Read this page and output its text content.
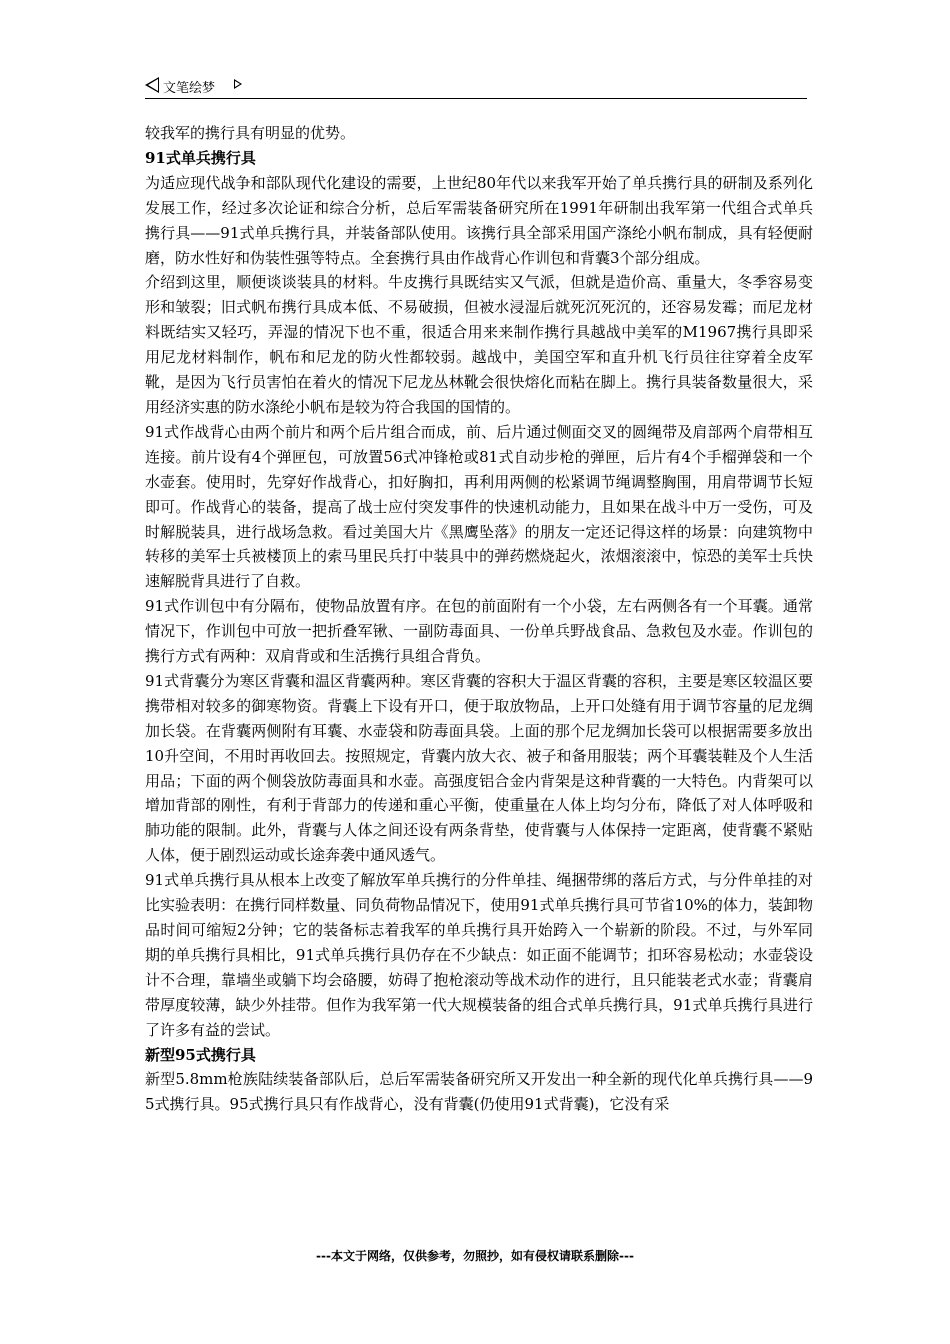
文笔绘梦

较我军的携行具有明显的优势。

91式单兵携行具

为适应现代战争和部队现代化建设的需要，上世纪80年代以来我军开始了单兵携行具的研制及系列化发展工作，经过多次论证和综合分析，总后军需装备研究所在1991年研制出我军第一代组合式单兵携行具——91式单兵携行具，并装备部队使用。该携行具全部采用国产涤纶小帆布制成，具有轻便耐磨，防水性好和伪装性强等特点。全套携行具由作战背心作训包和背囊3个部分组成。

介绍到这里，顺便谈谈装具的材料。牛皮携行具既结实又气派，但就是造价高、重量大，冬季容易变形和皱裂；旧式帆布携行具成本低、不易破损，但被水浸湿后就死沉死沉的，还容易发霉；而尼龙材料既结实又轻巧，弄湿的情况下也不重，很适合用来来制作携行具越战中美军的M1967携行具即采用尼龙材料制作，帆布和尼龙的防火性都较弱。越战中，美国空军和直升机飞行员往往穿着全皮军靴，是因为飞行员害怕在着火的情况下尼龙丛林靴会很快熔化而粘在脚上。携行具装备数量很大，采用经济实惠的防水涤纶小帆布是较为符合我国的国情的。

91式作战背心由两个前片和两个后片组合而成，前、后片通过侧面交叉的圆绳带及肩部两个肩带相互连接。前片设有4个弹匣包，可放置56式冲锋枪或81式自动步枪的弹匣，后片有4个手榴弹袋和一个水壶套。使用时，先穿好作战背心，扣好胸扣，再利用两侧的松紧调节绳调整胸围，用肩带调节长短即可。作战背心的装备，提高了战士应付突发事件的快速机动能力，且如果在战斗中万一受伤，可及时解脱装具，进行战场急救。看过美国大片《黑鹰坠落》的朋友一定还记得这样的场景：向建筑物中转移的美军士兵被楼顶上的索马里民兵打中装具中的弹药燃烧起火，浓烟滚滚中，惊恐的美军士兵快速解脱背具进行了自救。

91式作训包中有分隔布，使物品放置有序。在包的前面附有一个小袋，左右两侧各有一个耳囊。通常情况下，作训包中可放一把折叠军锹、一副防毒面具、一份单兵野战食品、急救包及水壶。作训包的携行方式有两种：双肩背或和生活携行具组合背负。

91式背囊分为寒区背囊和温区背囊两种。寒区背囊的容积大于温区背囊的容积，主要是寒区较温区要携带相对较多的御寒物资。背囊上下设有开口，便于取放物品，上开口处缝有用于调节容量的尼龙绸加长袋。在背囊两侧附有耳囊、水壶袋和防毒面具袋。上面的那个尼龙绸加长袋可以根据需要多放出10升空间，不用时再收回去。按照规定，背囊内放大衣、被子和备用服装；两个耳囊装鞋及个人生活用品；下面的两个侧袋放防毒面具和水壶。高强度铝合金内背架是这种背囊的一大特色。内背架可以增加背部的刚性，有利于背部力的传递和重心平衡，使重量在人体上均匀分布，降低了对人体呼吸和肺功能的限制。此外，背囊与人体之间还设有两条背垫，使背囊与人体保持一定距离，使背囊不紧贴人体，便于剧烈运动或长途奔袭中通风透气。

91式单兵携行具从根本上改变了解放军单兵携行的分件单挂、绳捆带绑的落后方式，与分件单挂的对比实验表明：在携行同样数量、同负荷物品情况下，使用91式单兵携行具可节省10%的体力，装卸物品时间可缩短2分钟；它的装备标志着我军的单兵携行具开始跨入一个崭新的阶段。不过，与外军同期的单兵携行具相比，91式单兵携行具仍存在不少缺点：如正面不能调节；扣环容易松动；水壶袋设计不合理，靠墙坐或躺下均会硌腰，妨碍了抱枪滚动等战术动作的进行，且只能装老式水壶；背囊肩带厚度较薄，缺少外挂带。但作为我军第一代大规模装备的组合式单兵携行具，91式单兵携行具进行了许多有益的尝试。

新型95式携行具

新型5.8mm枪族陆续装备部队后，总后军需装备研究所又开发出一种全新的现代化单兵携行具——95式携行具。95式携行具只有作战背心，没有背囊(仍使用91式背囊)，它没有采

---本文于网络，仅供参考，勿照抄，如有侵权请联系删除---
